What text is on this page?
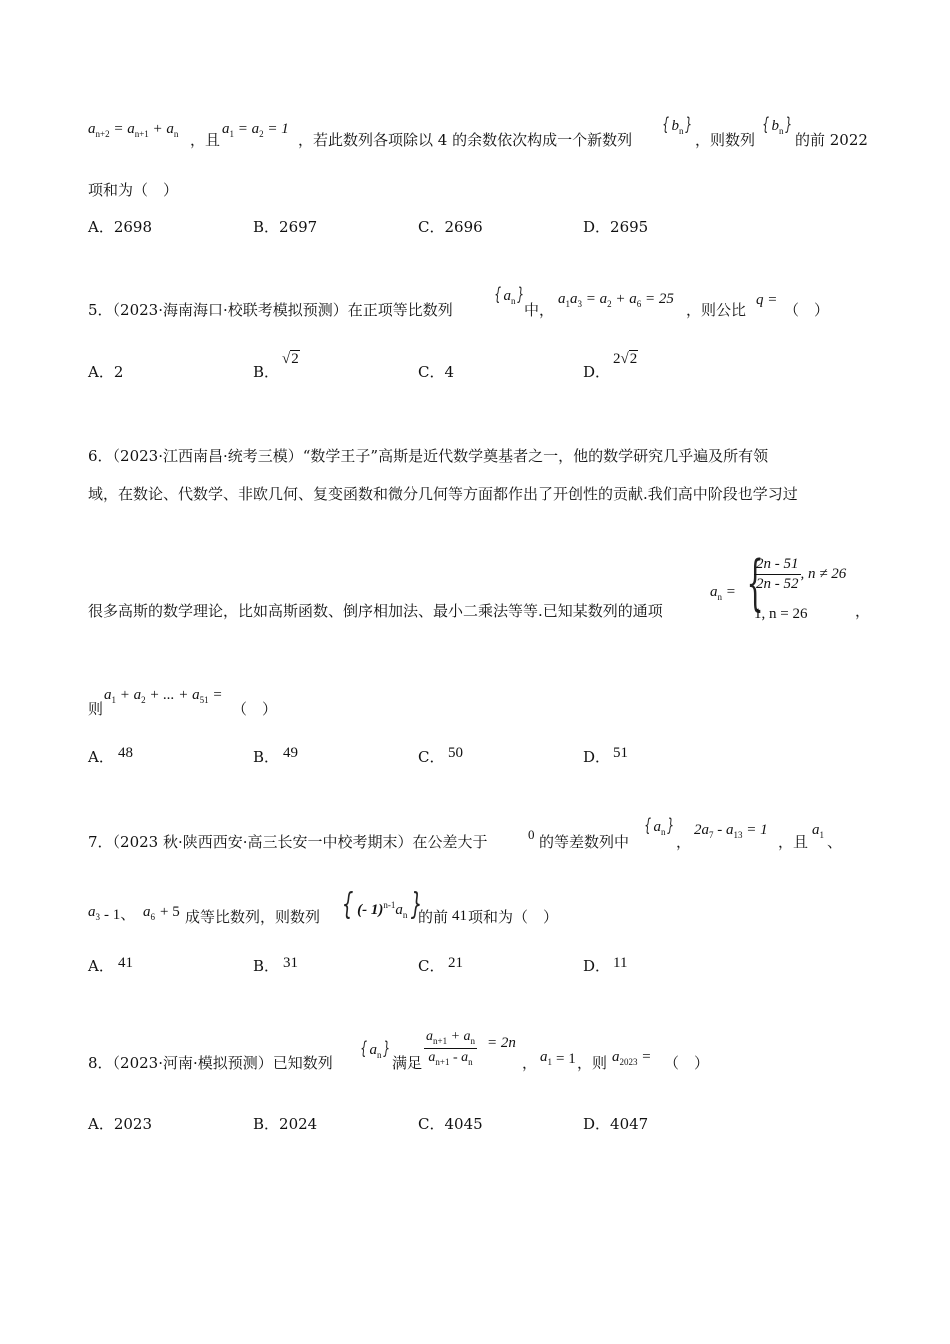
$a_{n+2} = a_{n+1} + a_n$ ，且
$a_1 = a_2 = 1$
，若此数列各项除以 4 的余数依次构成一个新数列
{ $b_n$ }
，则数列
{ $b_n$ }
的前 2022
项和为（　）
A．2698	B．2697	C．2696	D．2695
5．（2023·海南海口·校联考模拟预测）在正项等比数列
{ $a_n$ }
中，
$a_1a_3 = a_2 + a_6 = 25$
，则公比
q =
（　）
A．2	B．
√2
C．4	D．
2√2
6．（2023·江西南昌·统考三模）“数学王子”高斯是近代数学奠基者之一，他的数学研究几乎遍及所有领
域，在数论、代数学、非欧几何、复变函数和微分几何等方面都作出了开创性的贡献.我们高中阶段也学习过
很多高斯的数学理论，比如高斯函数、倒序相加法、最小二乘法等等.已知某数列的通项
$a_n$ = {
$\frac{2n - 51}{2n - 52}$ , n ≠ 26
1, n = 26	，
则
$a_1 + a_2$ + ... + $a_{51}$ =
（　）
A． 48	B． 49	C． 50	D． 51
7．（2023 秋·陕西西安·高三长安一中校考期末）在公差大于	0 的等差数列中
{ $a_n$ }
，
$2a_7 - a_{13} = 1$
，且
$a_1$ 、
$a_3 - 1$、 $a_6 + 5$ 成等比数列，则数列 { (- $1)^{n-1}a_n$ }
的前 41 项和为（　）
A． 41	B． 31	C． 21	D． 11
8．（2023·河南·模拟预测）已知数列
{ $a_n$ }
满足 $\frac{a_{n+1} + a_n}{a_{n+1} - a_n} = 2n$
， $a_1 = 1$ ，则 $a_{2023}$ = （　）
A．2023	B．2024	C．4045	D．4047
